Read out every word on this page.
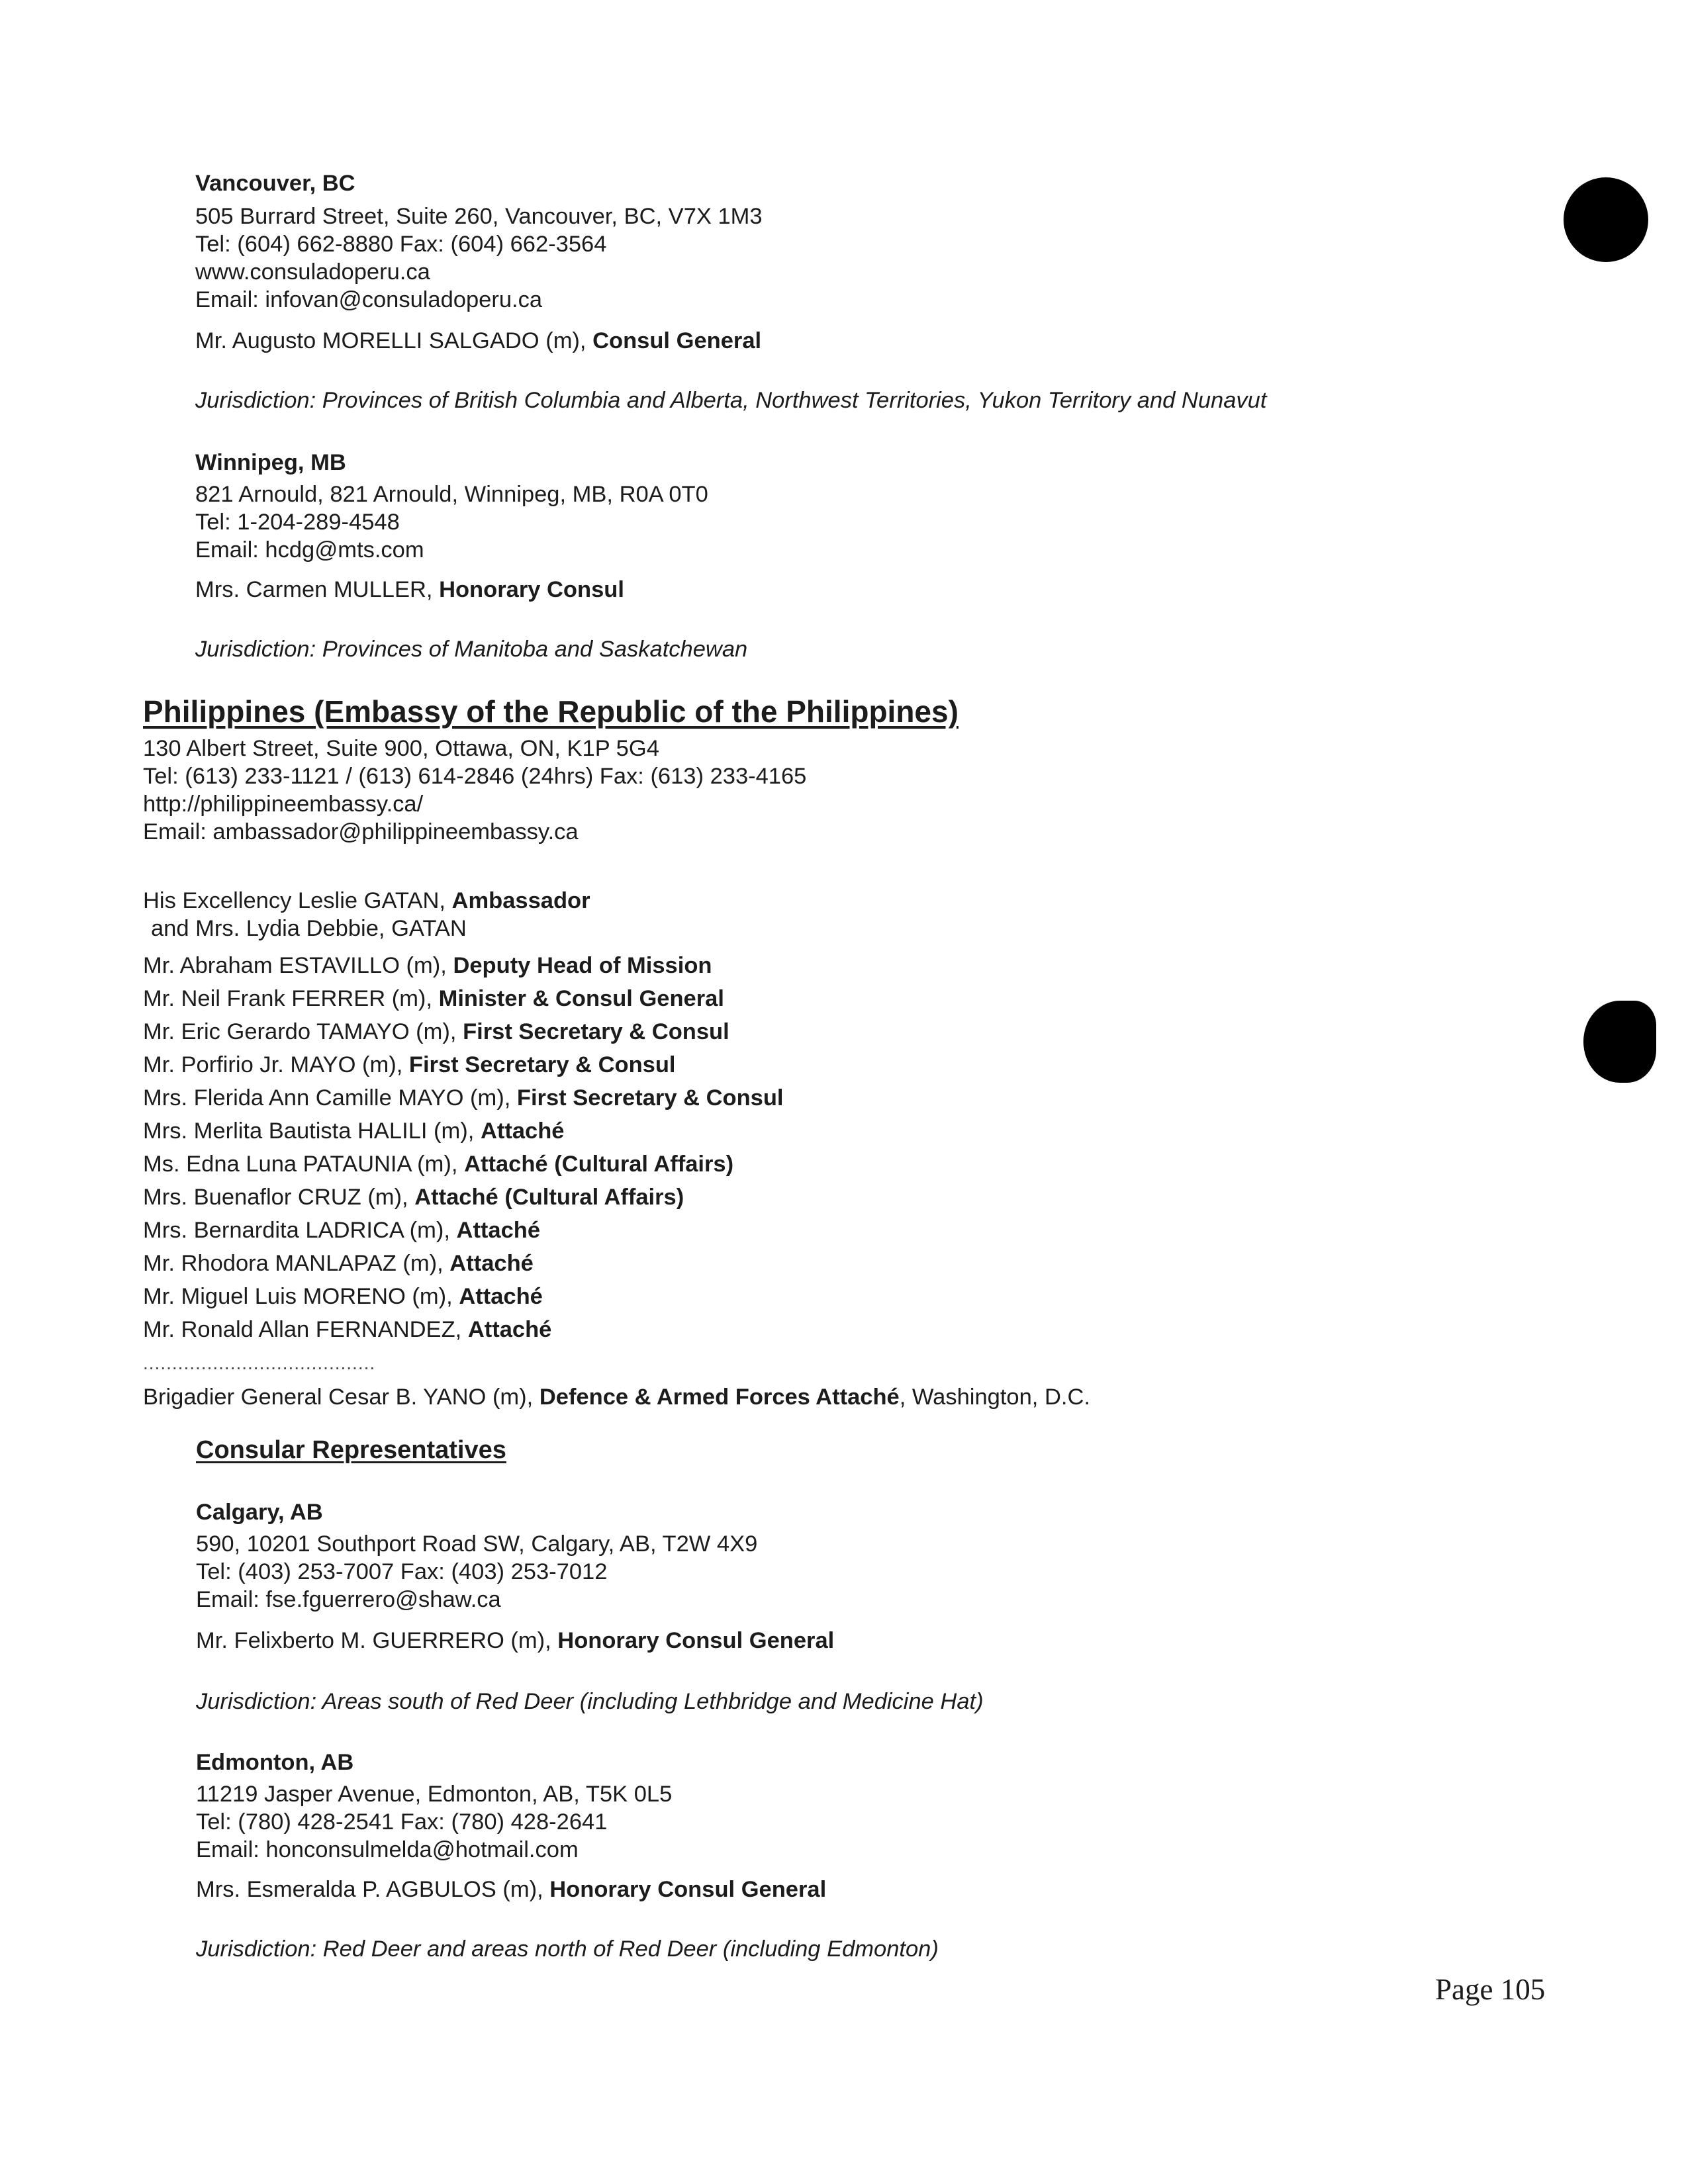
Vancouver, BC
505 Burrard Street, Suite 260, Vancouver, BC, V7X 1M3
Tel: (604) 662-8880 Fax: (604) 662-3564
www.consuladoperu.ca
Email: infovan@consuladoperu.ca
Mr. Augusto MORELLI SALGADO (m), Consul General
Jurisdiction: Provinces of British Columbia and Alberta, Northwest Territories, Yukon Territory and Nunavut
Winnipeg, MB
821 Arnould, 821 Arnould, Winnipeg, MB, R0A 0T0
Tel: 1-204-289-4548
Email: hcdg@mts.com
Mrs. Carmen MULLER, Honorary Consul
Jurisdiction: Provinces of Manitoba and Saskatchewan
Philippines (Embassy of the Republic of the Philippines)
130 Albert Street, Suite 900, Ottawa, ON, K1P 5G4
Tel: (613) 233-1121 / (613) 614-2846 (24hrs) Fax: (613) 233-4165
http://philippineembassy.ca/
Email: ambassador@philippineembassy.ca
His Excellency Leslie GATAN, Ambassador
and Mrs. Lydia Debbie, GATAN
Mr. Abraham ESTAVILLO (m), Deputy Head of Mission
Mr. Neil Frank FERRER (m), Minister & Consul General
Mr. Eric Gerardo TAMAYO (m), First Secretary & Consul
Mr. Porfirio Jr. MAYO (m), First Secretary & Consul
Mrs. Flerida Ann Camille MAYO (m), First Secretary & Consul
Mrs. Merlita Bautista HALILI (m), Attaché
Ms. Edna Luna PATAUNIA (m), Attaché (Cultural Affairs)
Mrs. Buenaflor CRUZ (m), Attaché (Cultural Affairs)
Mrs. Bernardita LADRICA (m), Attaché
Mr. Rhodora MANLAPAZ (m), Attaché
Mr. Miguel Luis MORENO (m), Attaché
Mr. Ronald Allan FERNANDEZ, Attaché
........................................
Brigadier General Cesar B. YANO (m), Defence & Armed Forces Attaché, Washington, D.C.
Consular Representatives
Calgary, AB
590, 10201 Southport Road SW, Calgary, AB, T2W 4X9
Tel: (403) 253-7007 Fax: (403) 253-7012
Email: fse.fguerrero@shaw.ca
Mr. Felixberto M. GUERRERO (m), Honorary Consul General
Jurisdiction: Areas south of Red Deer (including Lethbridge and Medicine Hat)
Edmonton, AB
11219 Jasper Avenue, Edmonton, AB, T5K 0L5
Tel: (780) 428-2541 Fax: (780) 428-2641
Email: honconsulmelda@hotmail.com
Mrs. Esmeralda P. AGBULOS (m), Honorary Consul General
Jurisdiction: Red Deer and areas north of Red Deer (including Edmonton)
Page 105
